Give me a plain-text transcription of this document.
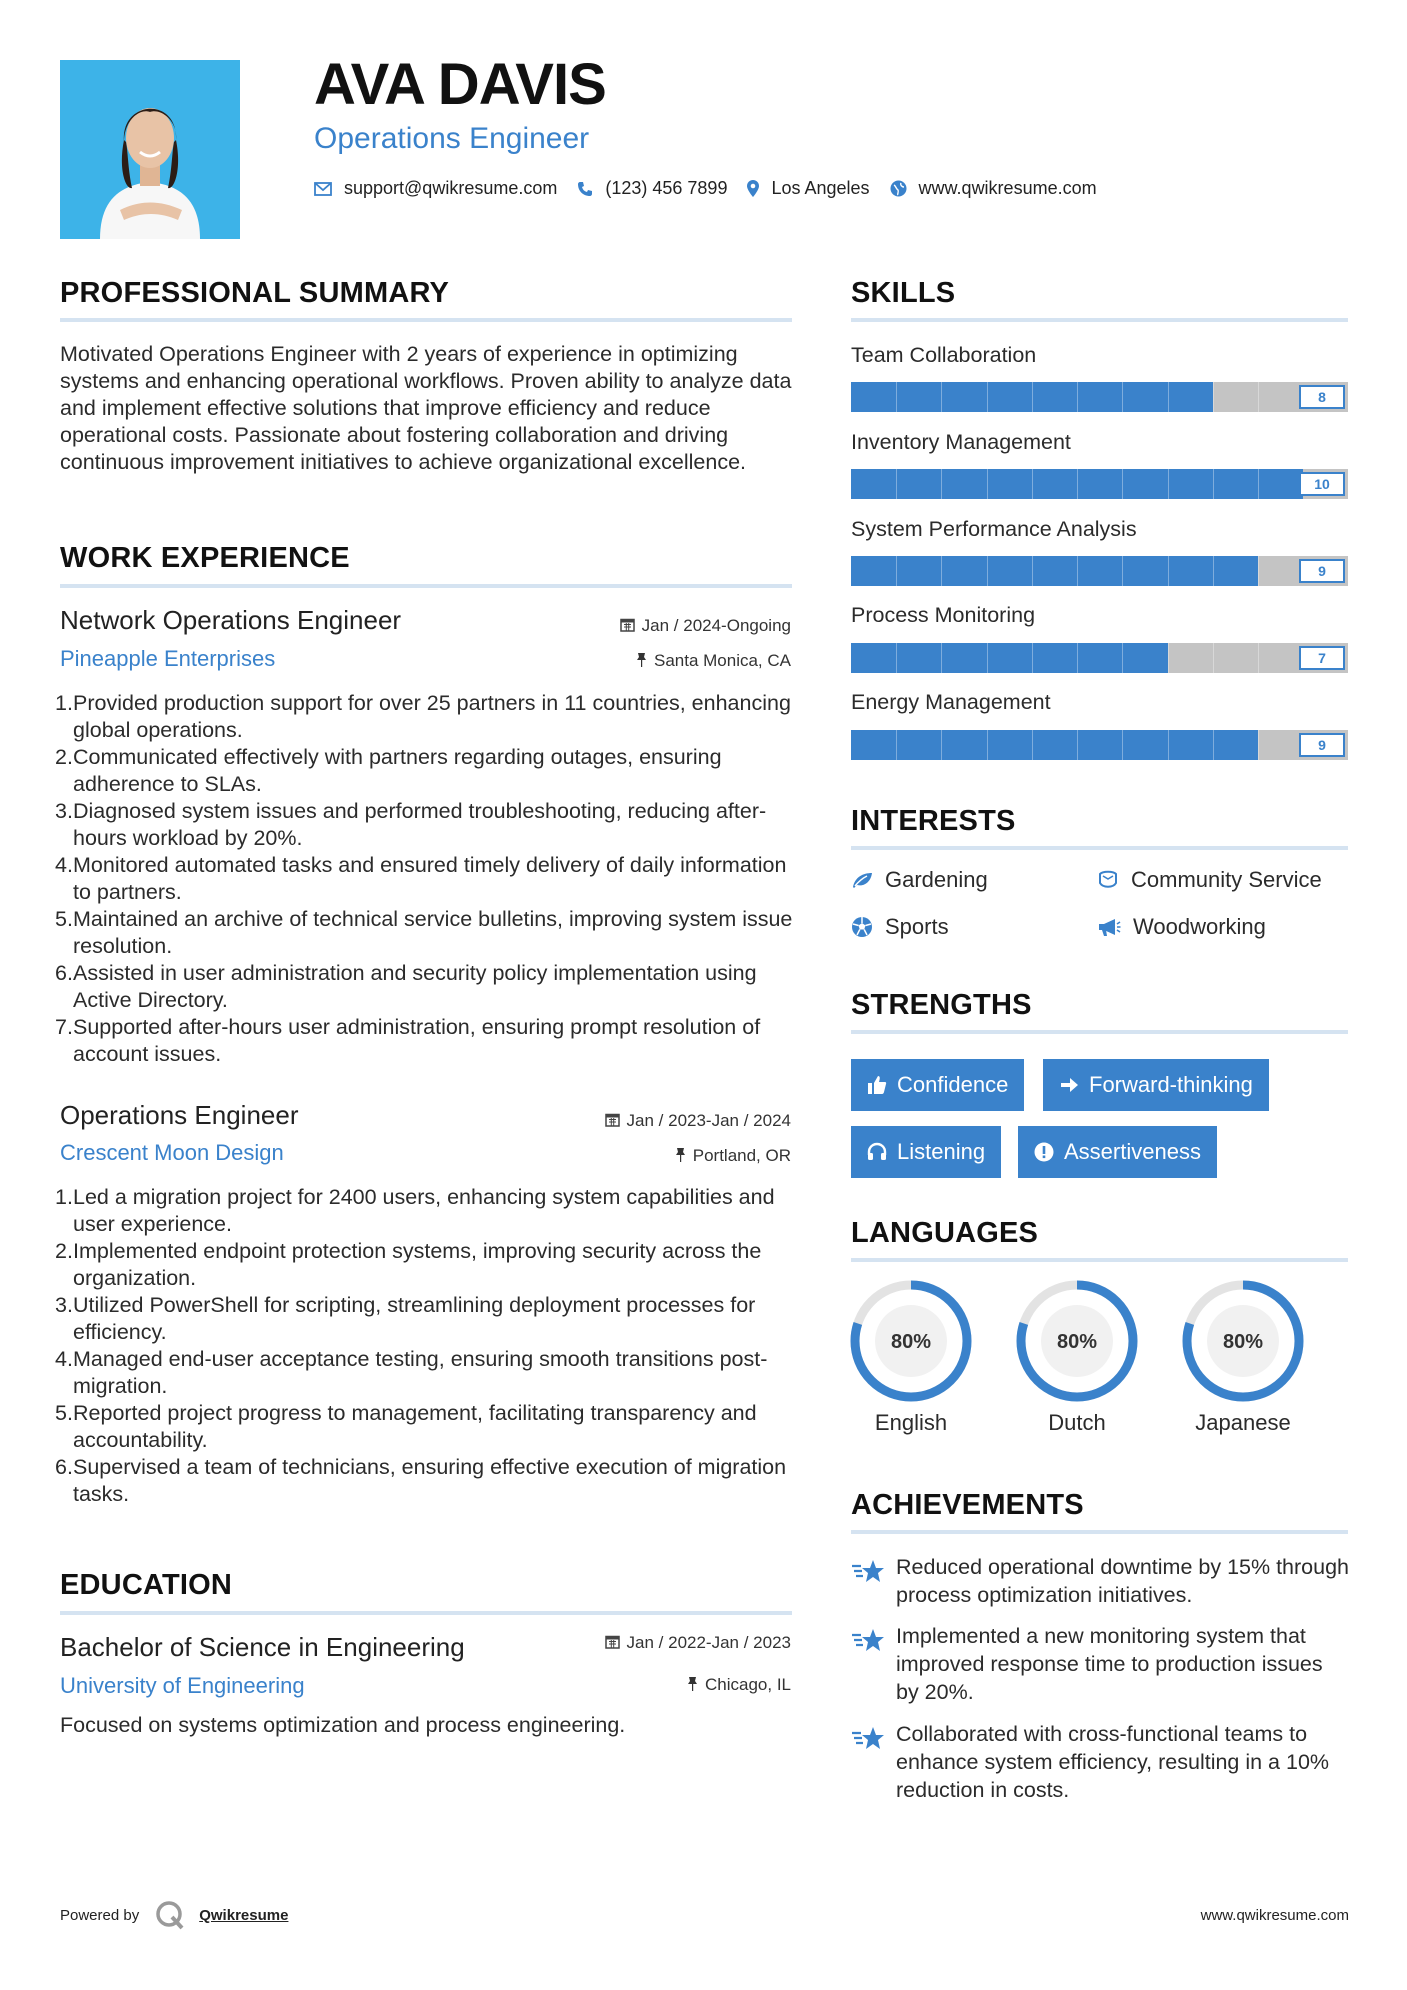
AVA DAVIS
Operations Engineer
support@qwikresume.com	(123) 456 7899 Los Angeles	www.qwikresume.com
PROFESSIONAL SUMMARY
Motivated Operations Engineer with 2 years of experience in optimizing systems and enhancing operational workflows. Proven ability to analyze data and implement effective solutions that improve efficiency and reduce operational costs. Passionate about fostering collaboration and driving continuous improvement initiatives to achieve organizational excellence.
WORK EXPERIENCE
Network Operations Engineer	Jan / 2024-Ongoing
Pineapple Enterprises	Santa Monica, CA
1. Provided production support for over 25 partners in 11 countries, enhancing global operations.
2. Communicated effectively with partners regarding outages, ensuring adherence to SLAs.
3. Diagnosed system issues and performed troubleshooting, reducing after-hours workload by 20%.
4. Monitored automated tasks and ensured timely delivery of daily information to partners.
5. Maintained an archive of technical service bulletins, improving system issue resolution.
6. Assisted in user administration and security policy implementation using Active Directory.
7. Supported after-hours user administration, ensuring prompt resolution of account issues.
Operations Engineer	Jan / 2023-Jan / 2024
Crescent Moon Design	Portland, OR
1. Led a migration project for 2400 users, enhancing system capabilities and user experience.
2. Implemented endpoint protection systems, improving security across the organization.
3. Utilized PowerShell for scripting, streamlining deployment processes for efficiency.
4. Managed end-user acceptance testing, ensuring smooth transitions post-migration.
5. Reported project progress to management, facilitating transparency and accountability.
6. Supervised a team of technicians, ensuring effective execution of migration tasks.
EDUCATION
Bachelor of Science in Engineering	Jan / 2022-Jan / 2023
University of Engineering	Chicago, IL
Focused on systems optimization and process engineering.
SKILLS
Team Collaboration
8
Inventory Management
10
System Performance Analysis
9
Process Monitoring
7
Energy Management
9
INTERESTS
Gardening	Community Service
Sports	Woodworking
STRENGTHS
Confidence	Forward-thinking
Listening	Assertiveness
LANGUAGES
80%
English
80%
Dutch
80%
Japanese
ACHIEVEMENTS
Reduced operational downtime by 15% through process optimization initiatives.
Implemented a new monitoring system that improved response time to production issues by 20%.
Collaborated with cross-functional teams to enhance system efficiency, resulting in a 10% reduction in costs.
Powered by	Qwikresume	www.qwikresume.com
